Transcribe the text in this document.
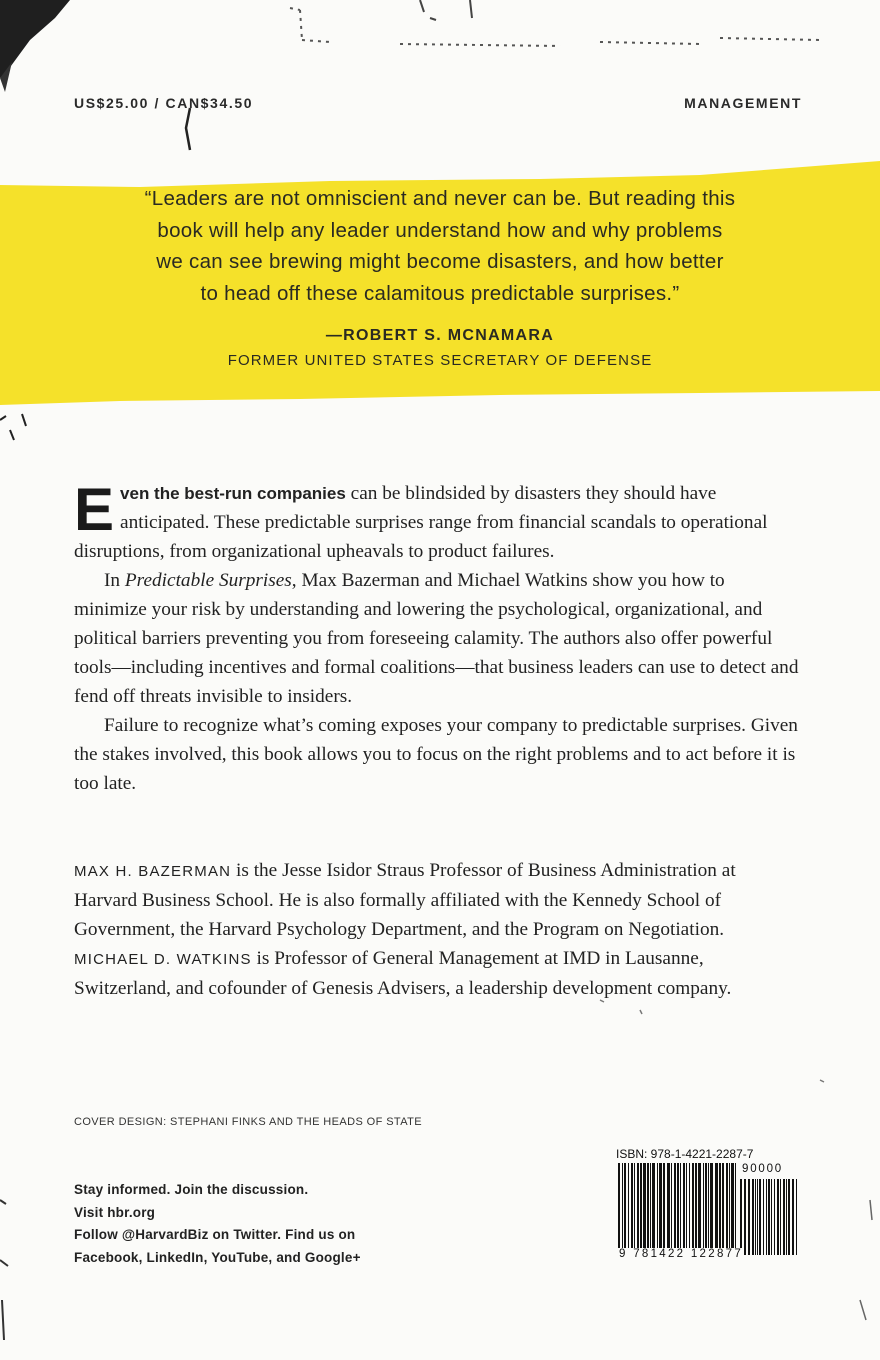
US$25.00 / CAN$34.50	MANAGEMENT
“Leaders are not omniscient and never can be. But reading this
book will help any leader understand how and why problems
we can see brewing might become disasters, and how better
to head off these calamitous predictable surprises.”
—ROBERT S. MCNAMARA
FORMER UNITED STATES SECRETARY OF DEFENSE

Even the best-run companies can be blindsided by disasters they should have anticipated. These predictable surprises range from financial scandals to operational disruptions, from organizational upheavals to product failures.

In Predictable Surprises, Max Bazerman and Michael Watkins show you how to minimize your risk by understanding and lowering the psychological, organizational, and political barriers preventing you from foreseeing calamity. The authors also offer powerful tools—including incentives and formal coalitions—that business leaders can use to detect and fend off threats invisible to insiders.

Failure to recognize what’s coming exposes your company to predictable surprises. Given the stakes involved, this book allows you to focus on the right problems and to act before it is too late.

MAX H. BAZERMAN is the Jesse Isidor Straus Professor of Business Administration at Harvard Business School. He is also formally affiliated with the Kennedy School of Government, the Harvard Psychology Department, and the Program on Negotiation. MICHAEL D. WATKINS is Professor of General Management at IMD in Lausanne, Switzerland, and cofounder of Genesis Advisers, a leadership development company.

COVER DESIGN: STEPHANI FINKS AND THE HEADS OF STATE
Stay informed. Join the discussion.
Visit hbr.org
Follow @HarvardBiz on Twitter. Find us on
Facebook, LinkedIn, YouTube, and Google+
ISBN: 978-1-4221-2287-7
90000
9 781422 122877
